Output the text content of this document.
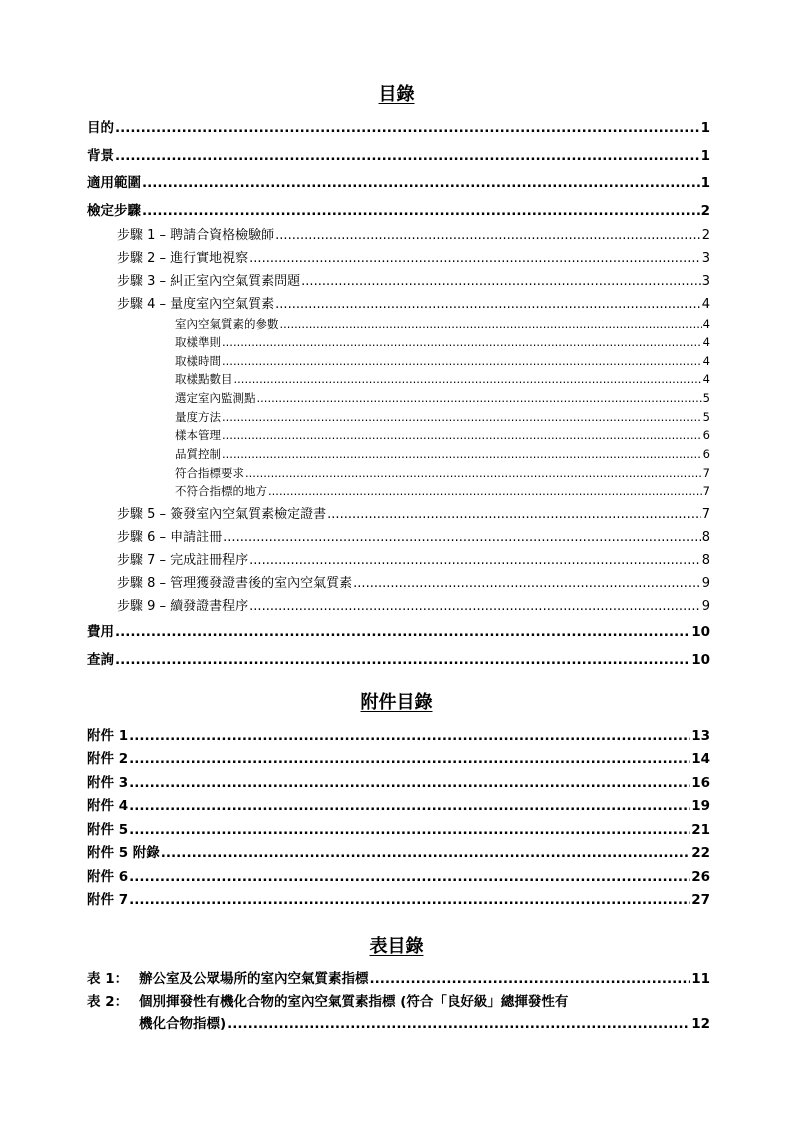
目錄
目的 .....	1
背景 .....	1
適用範圍 .....	1
檢定步驟 .....	2
步驟 1 – 聘請合資格檢驗師 .....	2
步驟 2 – 進行實地視察 .....	3
步驟 3 – 糾正室內空氣質素問題 .....	3
步驟 4 – 量度室內空氣質素 .....	4
室內空氣質素的參數 .....	4
取樣準則 .....	4
取樣時間 .....	4
取樣點數目 .....	4
選定室內監測點 .....	5
量度方法 .....	5
樣本管理 .....	6
品質控制 .....	6
符合指標要求 .....	7
不符合指標的地方 .....	7
步驟 5 – 簽發室內空氣質素檢定證書 .....	7
步驟 6 – 申請註冊 .....	8
步驟 7 – 完成註冊程序 .....	8
步驟 8 – 管理獲發證書後的室內空氣質素 .....	9
步驟 9 – 續發證書程序 .....	9
費用 .....	10
查詢 .....	10
附件目錄
附件 1 .....	13
附件 2 .....	14
附件 3 .....	16
附件 4 .....	19
附件 5 .....	21
附件 5 附錄 .....	22
附件 6 .....	26
附件 7 .....	27
表目錄
表 1： 辦公室及公眾場所的室內空氣質素指標 .....	11
表 2： 個別揮發性有機化合物的室內空氣質素指標 (符合「良好級」總揮發性有
機化合物指標) .....	12
